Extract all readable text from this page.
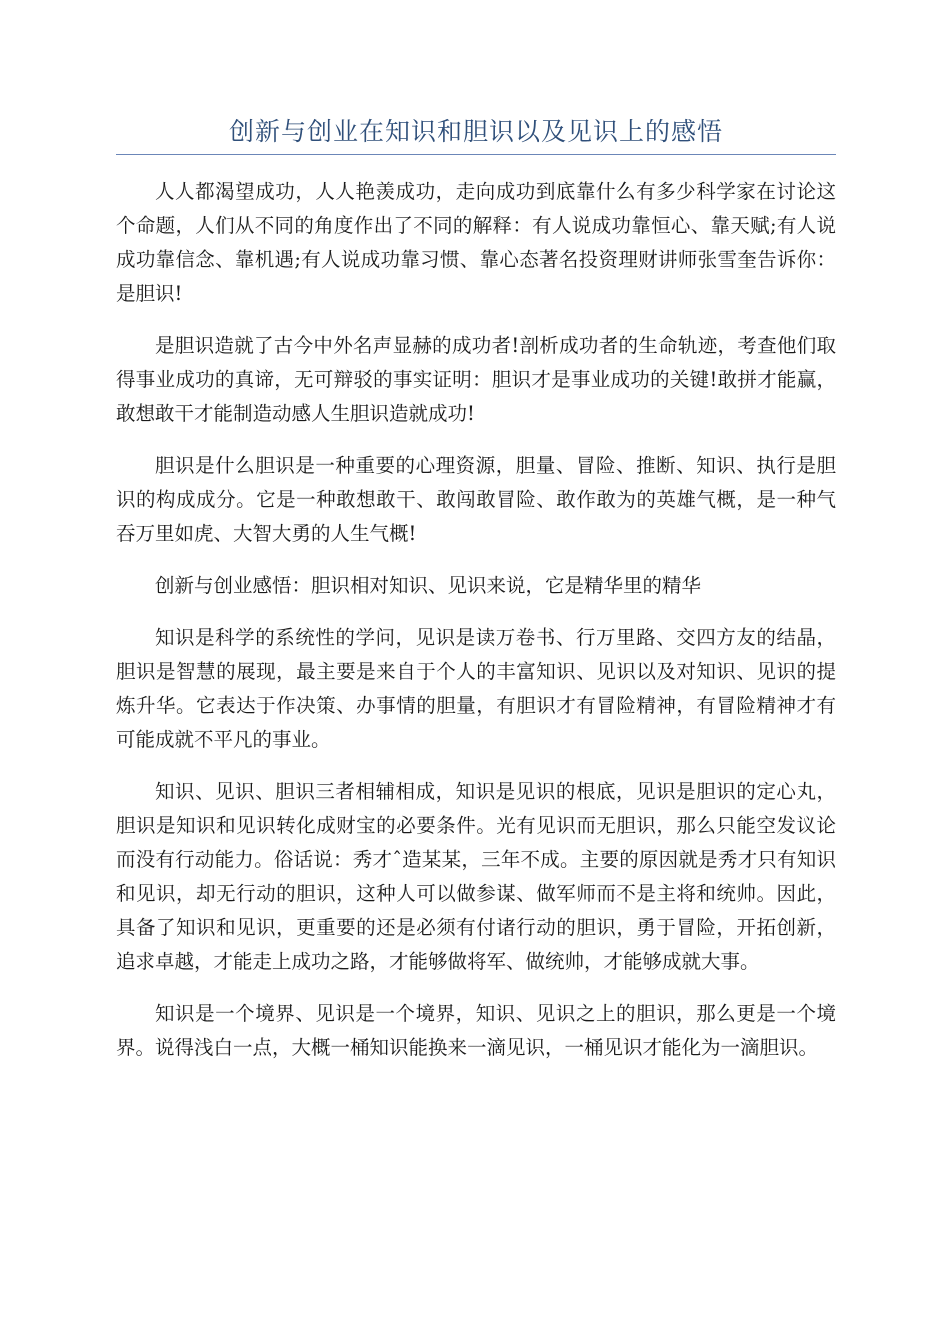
创新与创业在知识和胆识以及见识上的感悟

人人都渴望成功，人人艳羡成功，走向成功到底靠什么有多少科学家在讨论这个命题，人们从不同的角度作出了不同的解释：有人说成功靠恒心、靠天赋;有人说成功靠信念、靠机遇;有人说成功靠习惯、靠心态著名投资理财讲师张雪奎告诉你：是胆识!

是胆识造就了古今中外名声显赫的成功者!剖析成功者的生命轨迹，考查他们取得事业成功的真谛，无可辩驳的事实证明：胆识才是事业成功的关键!敢拼才能赢，敢想敢干才能制造动感人生胆识造就成功!

胆识是什么胆识是一种重要的心理资源，胆量、冒险、推断、知识、执行是胆识的构成成分。它是一种敢想敢干、敢闯敢冒险、敢作敢为的英雄气概，是一种气吞万里如虎、大智大勇的人生气概!

创新与创业感悟：胆识相对知识、见识来说，它是精华里的精华

知识是科学的系统性的学问，见识是读万卷书、行万里路、交四方友的结晶，胆识是智慧的展现，最主要是来自于个人的丰富知识、见识以及对知识、见识的提炼升华。它表达于作决策、办事情的胆量，有胆识才有冒险精神，有冒险精神才有可能成就不平凡的事业。

知识、见识、胆识三者相辅相成，知识是见识的根底，见识是胆识的定心丸，胆识是知识和见识转化成财宝的必要条件。光有见识而无胆识，那么只能空发议论而没有行动能力。俗话说：秀才ˆ造某某，三年不成。主要的原因就是秀才只有知识和见识，却无行动的胆识，这种人可以做参谋、做军师而不是主将和统帅。因此，具备了知识和见识，更重要的还是必须有付诸行动的胆识，勇于冒险，开拓创新，追求卓越，才能走上成功之路，才能够做将军、做统帅，才能够成就大事。

知识是一个境界、见识是一个境界，知识、见识之上的胆识，那么更是一个境界。说得浅白一点，大概一桶知识能换来一滴见识，一桶见识才能化为一滴胆识。
